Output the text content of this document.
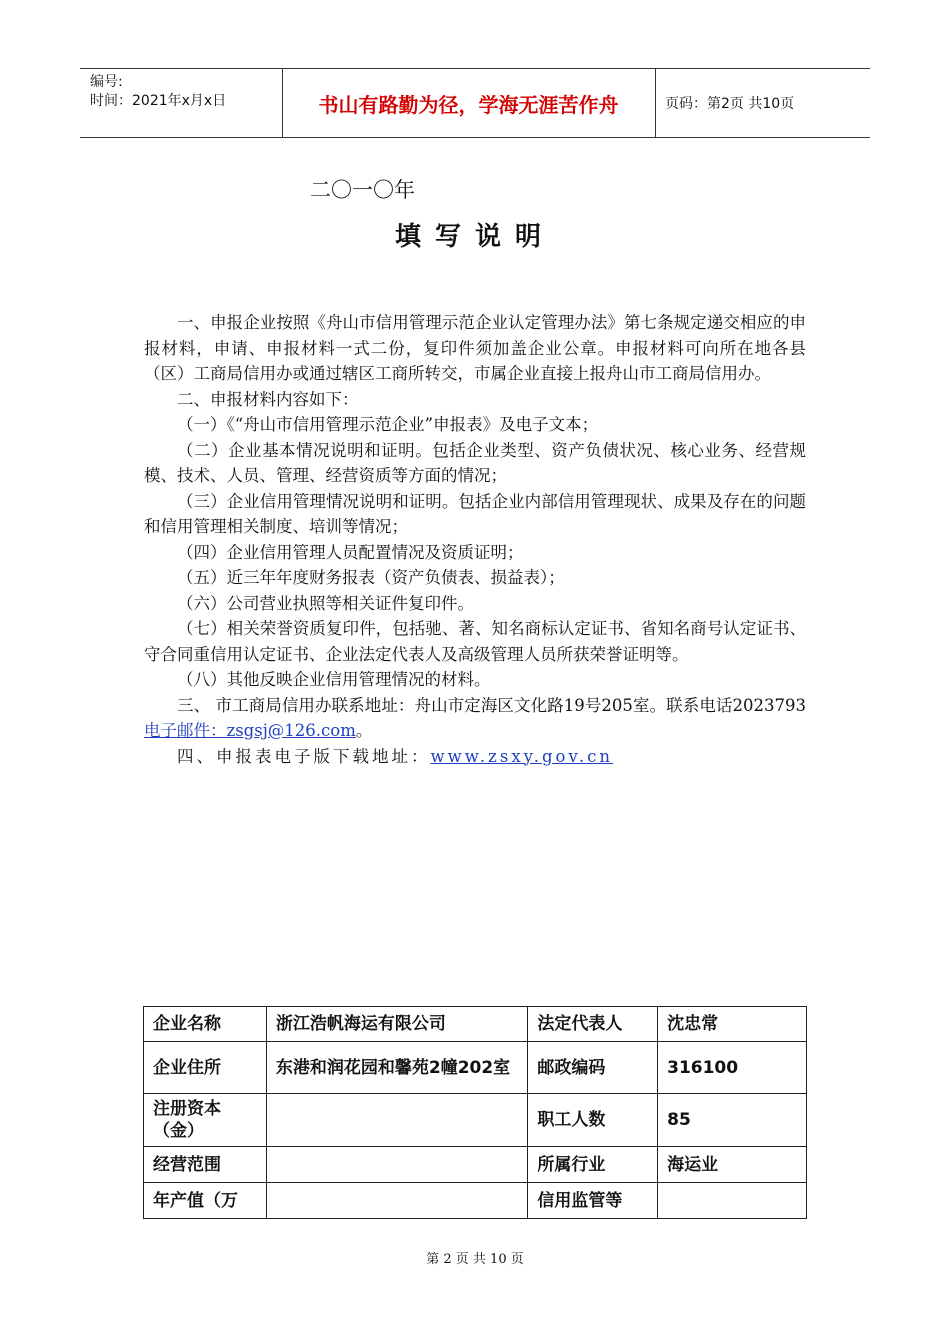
编号:
时间：2021年x月x日	书山有路勤为径，学海无涯苦作舟	页码：第2页 共10页
二〇一〇年
填写说明

一、申报企业按照《舟山市信用管理示范企业认定管理办法》第七条规定递交相应的申报材料，申请、申报材料一式二份，复印件须加盖企业公章。申报材料可向所在地各县（区）工商局信用办或通过辖区工商所转交，市属企业直接上报舟山市工商局信用办。

二、申报材料内容如下：

（一）《“舟山市信用管理示范企业”申报表》及电子文本；

（二）企业基本情况说明和证明。包括企业类型、资产负债状况、核心业务、经营规模、技术、人员、管理、经营资质等方面的情况；

（三）企业信用管理情况说明和证明。包括企业内部信用管理现状、成果及存在的问题和信用管理相关制度、培训等情况；

（四）企业信用管理人员配置情况及资质证明；

（五）近三年年度财务报表（资产负债表、损益表）；

（六）公司营业执照等相关证件复印件。

（七）相关荣誉资质复印件，包括驰、著、知名商标认定证书、省知名商号认定证书、守合同重信用认定证书、企业法定代表人及高级管理人员所获荣誉证明等。

（八）其他反映企业信用管理情况的材料。

三、 市工商局信用办联系地址：舟山市定海区文化路19号205室。联系电话2023793 电子邮件：zsgsj@126.com。

四、申报表电子版下载地址：www.zsxy.gov.cn

企业名称	浙江浩帆海运有限公司	法定代表人	沈忠常
企业住所	东港和润花园和馨苑2幢202室	邮政编码	316100
注册资本（金）		职工人数	85
经营范围		所属行业	海运业
年产值（万		信用监管等	
第 2 页 共 10 页
